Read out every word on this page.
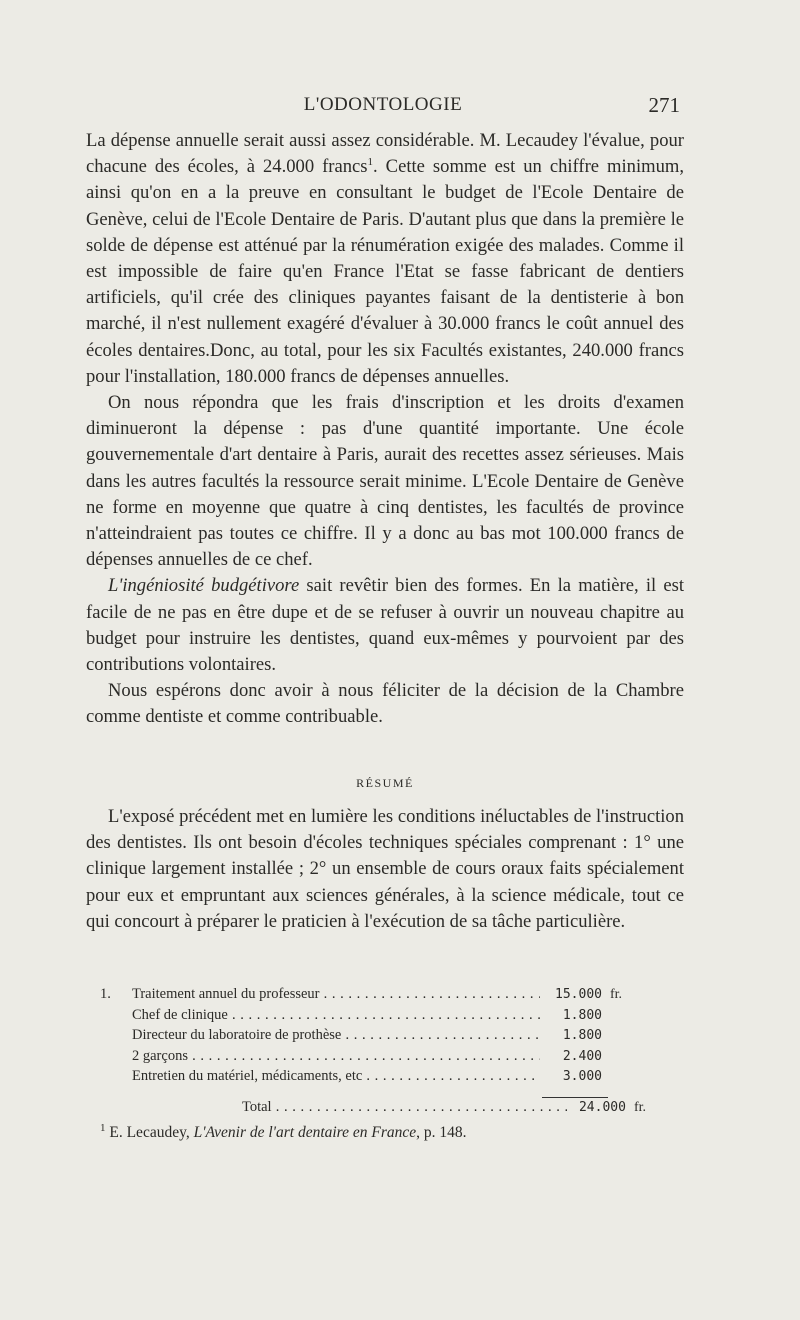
L'ODONTOLOGIE	271

La dépense annuelle serait aussi assez considérable. M. Lecaudey l'évalue, pour chacune des écoles, à 24.000 francs$^1$. Cette somme est un chiffre minimum, ainsi qu'on en a la preuve en consultant le budget de l'Ecole Dentaire de Genève, celui de l'Ecole Dentaire de Paris. D'autant plus que dans la première le solde de dépense est atténué par la rénumération exigée des malades. Comme il est impossible de faire qu'en France l'Etat se fasse fabricant de dentiers artificiels, qu'il crée des cliniques payantes faisant de la dentisterie à bon marché, il n'est nullement exagéré d'évaluer à 30.000 francs le coût annuel des écoles dentaires.Donc, au total, pour les six Facultés existantes, 240.000 francs pour l'installation, 180.000 francs de dépenses annuelles.

On nous répondra que les frais d'inscription et les droits d'examen diminueront la dépense : pas d'une quantité importante. Une école gouvernementale d'art dentaire à Paris, aurait des recettes assez sérieuses. Mais dans les autres facultés la ressource serait minime. L'Ecole Dentaire de Genève ne forme en moyenne que quatre à cinq dentistes, les facultés de province n'atteindraient pas toutes ce chiffre. Il y a donc au bas mot 100.000 francs de dépenses annuelles de ce chef.

L'ingéniosité budgétivore sait revêtir bien des formes. En la matière, il est facile de ne pas en être dupe et de se refuser à ouvrir un nouveau chapitre au budget pour instruire les dentistes, quand eux-mêmes y pourvoient par des contributions volontaires.

Nous espérons donc avoir à nous féliciter de la décision de la Chambre comme dentiste et comme contribuable.

RÉSUMÉ

L'exposé précédent met en lumière les conditions inéluctables de l'instruction des dentistes. Ils ont besoin d'écoles techniques spéciales comprenant : 1° une clinique largement installée ; 2° un ensemble de cours oraux faits spécialement pour eux et empruntant aux sciences générales, à la science médicale, tout ce qui concourt à préparer le praticien à l'exécution de sa tâche particulière.

1.	Traitement annuel du professeur . . .	15.000 fr.
Chef de clinique . . .	1.800
Directeur du laboratoire de prothèse . . .	1.800
2 garçons . . .	2.400
Entretien du matériel, médicaments, etc . . .	3.000
Total . . .	24.000 fr.
$^1$ E. Lecaudey, L'Avenir de l'art dentaire en France, p. 148.
